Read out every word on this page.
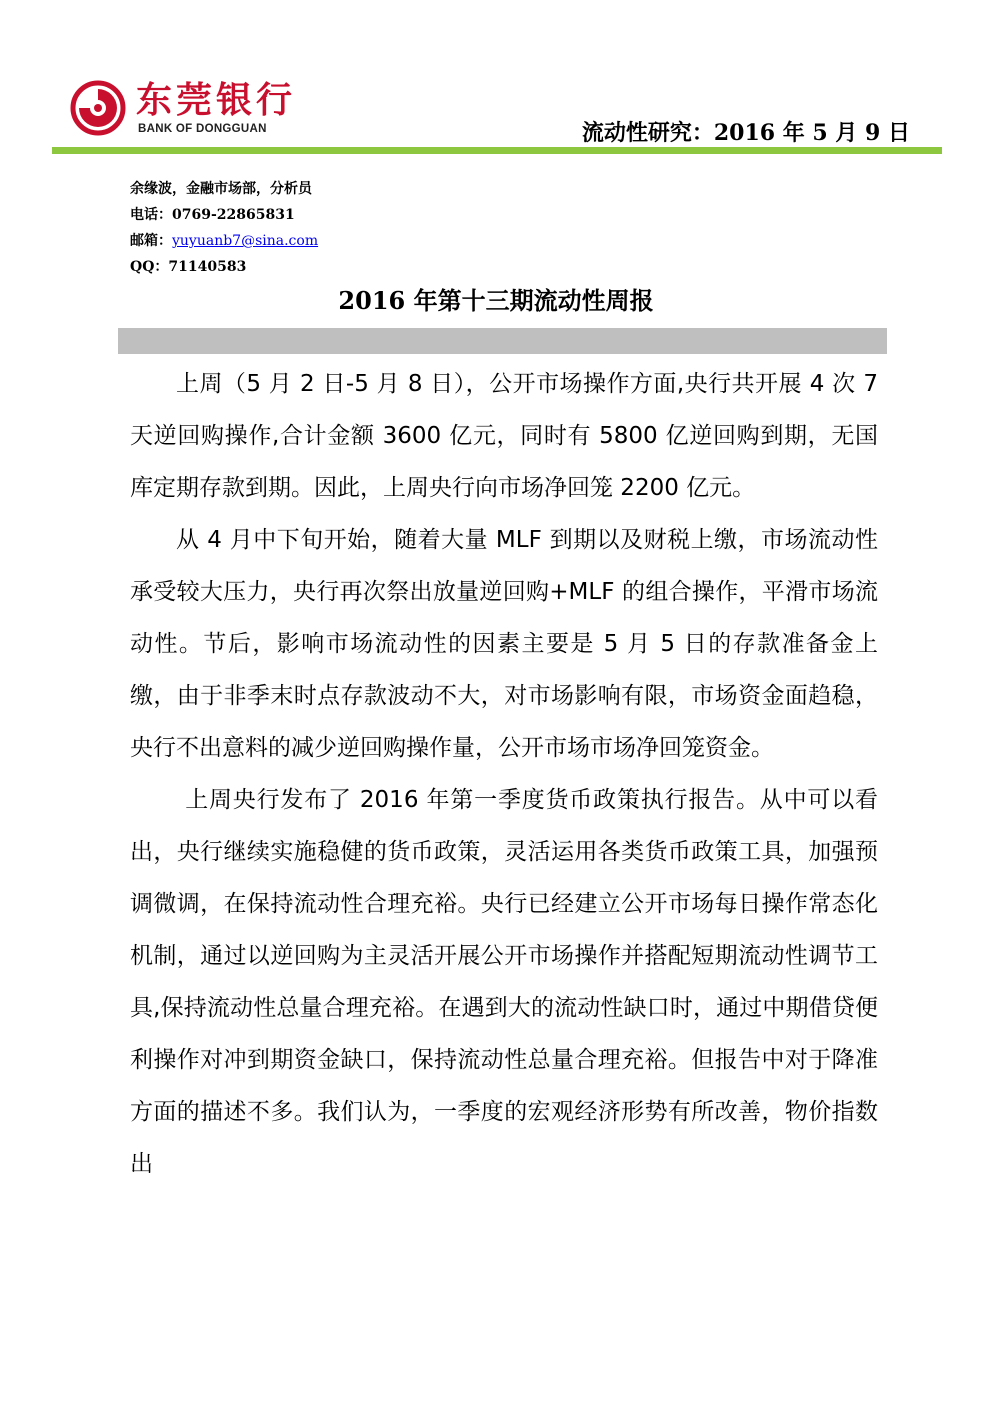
东莞银行
BANK OF DONGGUAN	流动性研究：2016 年 5 月 9 日
余缘波，金融市场部，分析员
电话：0769-22865831
邮箱：yuyuanb7@sina.com
QQ：71140583
2016 年第十三期流动性周报

上周（5 月 2 日-5 月 8 日），公开市场操作方面,央行共开展 4 次 7 天逆回购操作,合计金额 3600 亿元，同时有 5800 亿逆回购到期，无国库定期存款到期。因此，上周央行向市场净回笼 2200 亿元。

从 4 月中下旬开始，随着大量 MLF 到期以及财税上缴，市场流动性承受较大压力，央行再次祭出放量逆回购+MLF 的组合操作，平滑市场流动性。节后，影响市场流动性的因素主要是 5 月 5 日的存款准备金上缴，由于非季末时点存款波动不大，对市场影响有限，市场资金面趋稳，央行不出意料的减少逆回购操作量，公开市场市场净回笼资金。

上周央行发布了 2016 年第一季度货币政策执行报告。从中可以看出，央行继续实施稳健的货币政策，灵活运用各类货币政策工具，加强预调微调，在保持流动性合理充裕。央行已经建立公开市场每日操作常态化机制，通过以逆回购为主灵活开展公开市场操作并搭配短期流动性调节工具,保持流动性总量合理充裕。在遇到大的流动性缺口时，通过中期借贷便利操作对冲到期资金缺口，保持流动性总量合理充裕。但报告中对于降准方面的描述不多。我们认为，一季度的宏观经济形势有所改善，物价指数出
